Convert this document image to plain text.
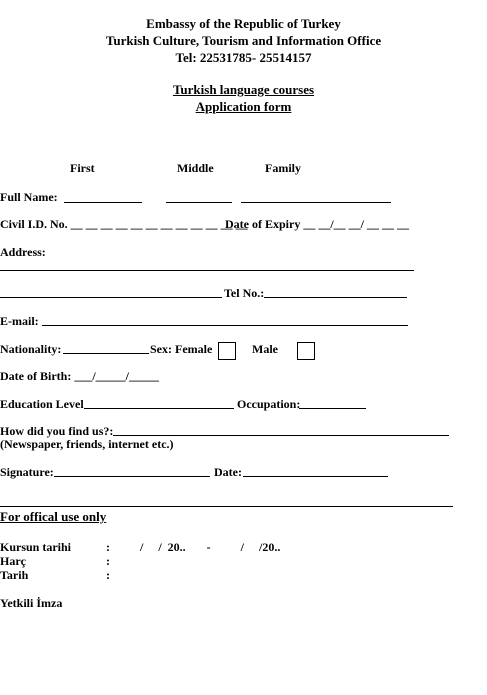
Embassy of the Republic of Turkey
Turkish Culture, Tourism and Information Office
Tel: 22531785- 25514157
Turkish language courses
Application form
First	Middle	Family
Full Name:
Civil I.D. No. __ __ __ __ __ __ __ __ __ __ __ __
Date of Expiry __ __/__ __/ __ __ __
Address:
Tel No.:
E-mail:
Nationality:	Sex: Female	Male
Date of Birth: ___/_____/_____
Education Level	Occupation:
How did you find us?:
(Newspaper, friends, internet etc.)
Signature:	Date:
For offical use only
Kursun tarihi	:          /     /  20..       -          /     /20..
Harç	:
Tarih	:
Yetkili İmza
